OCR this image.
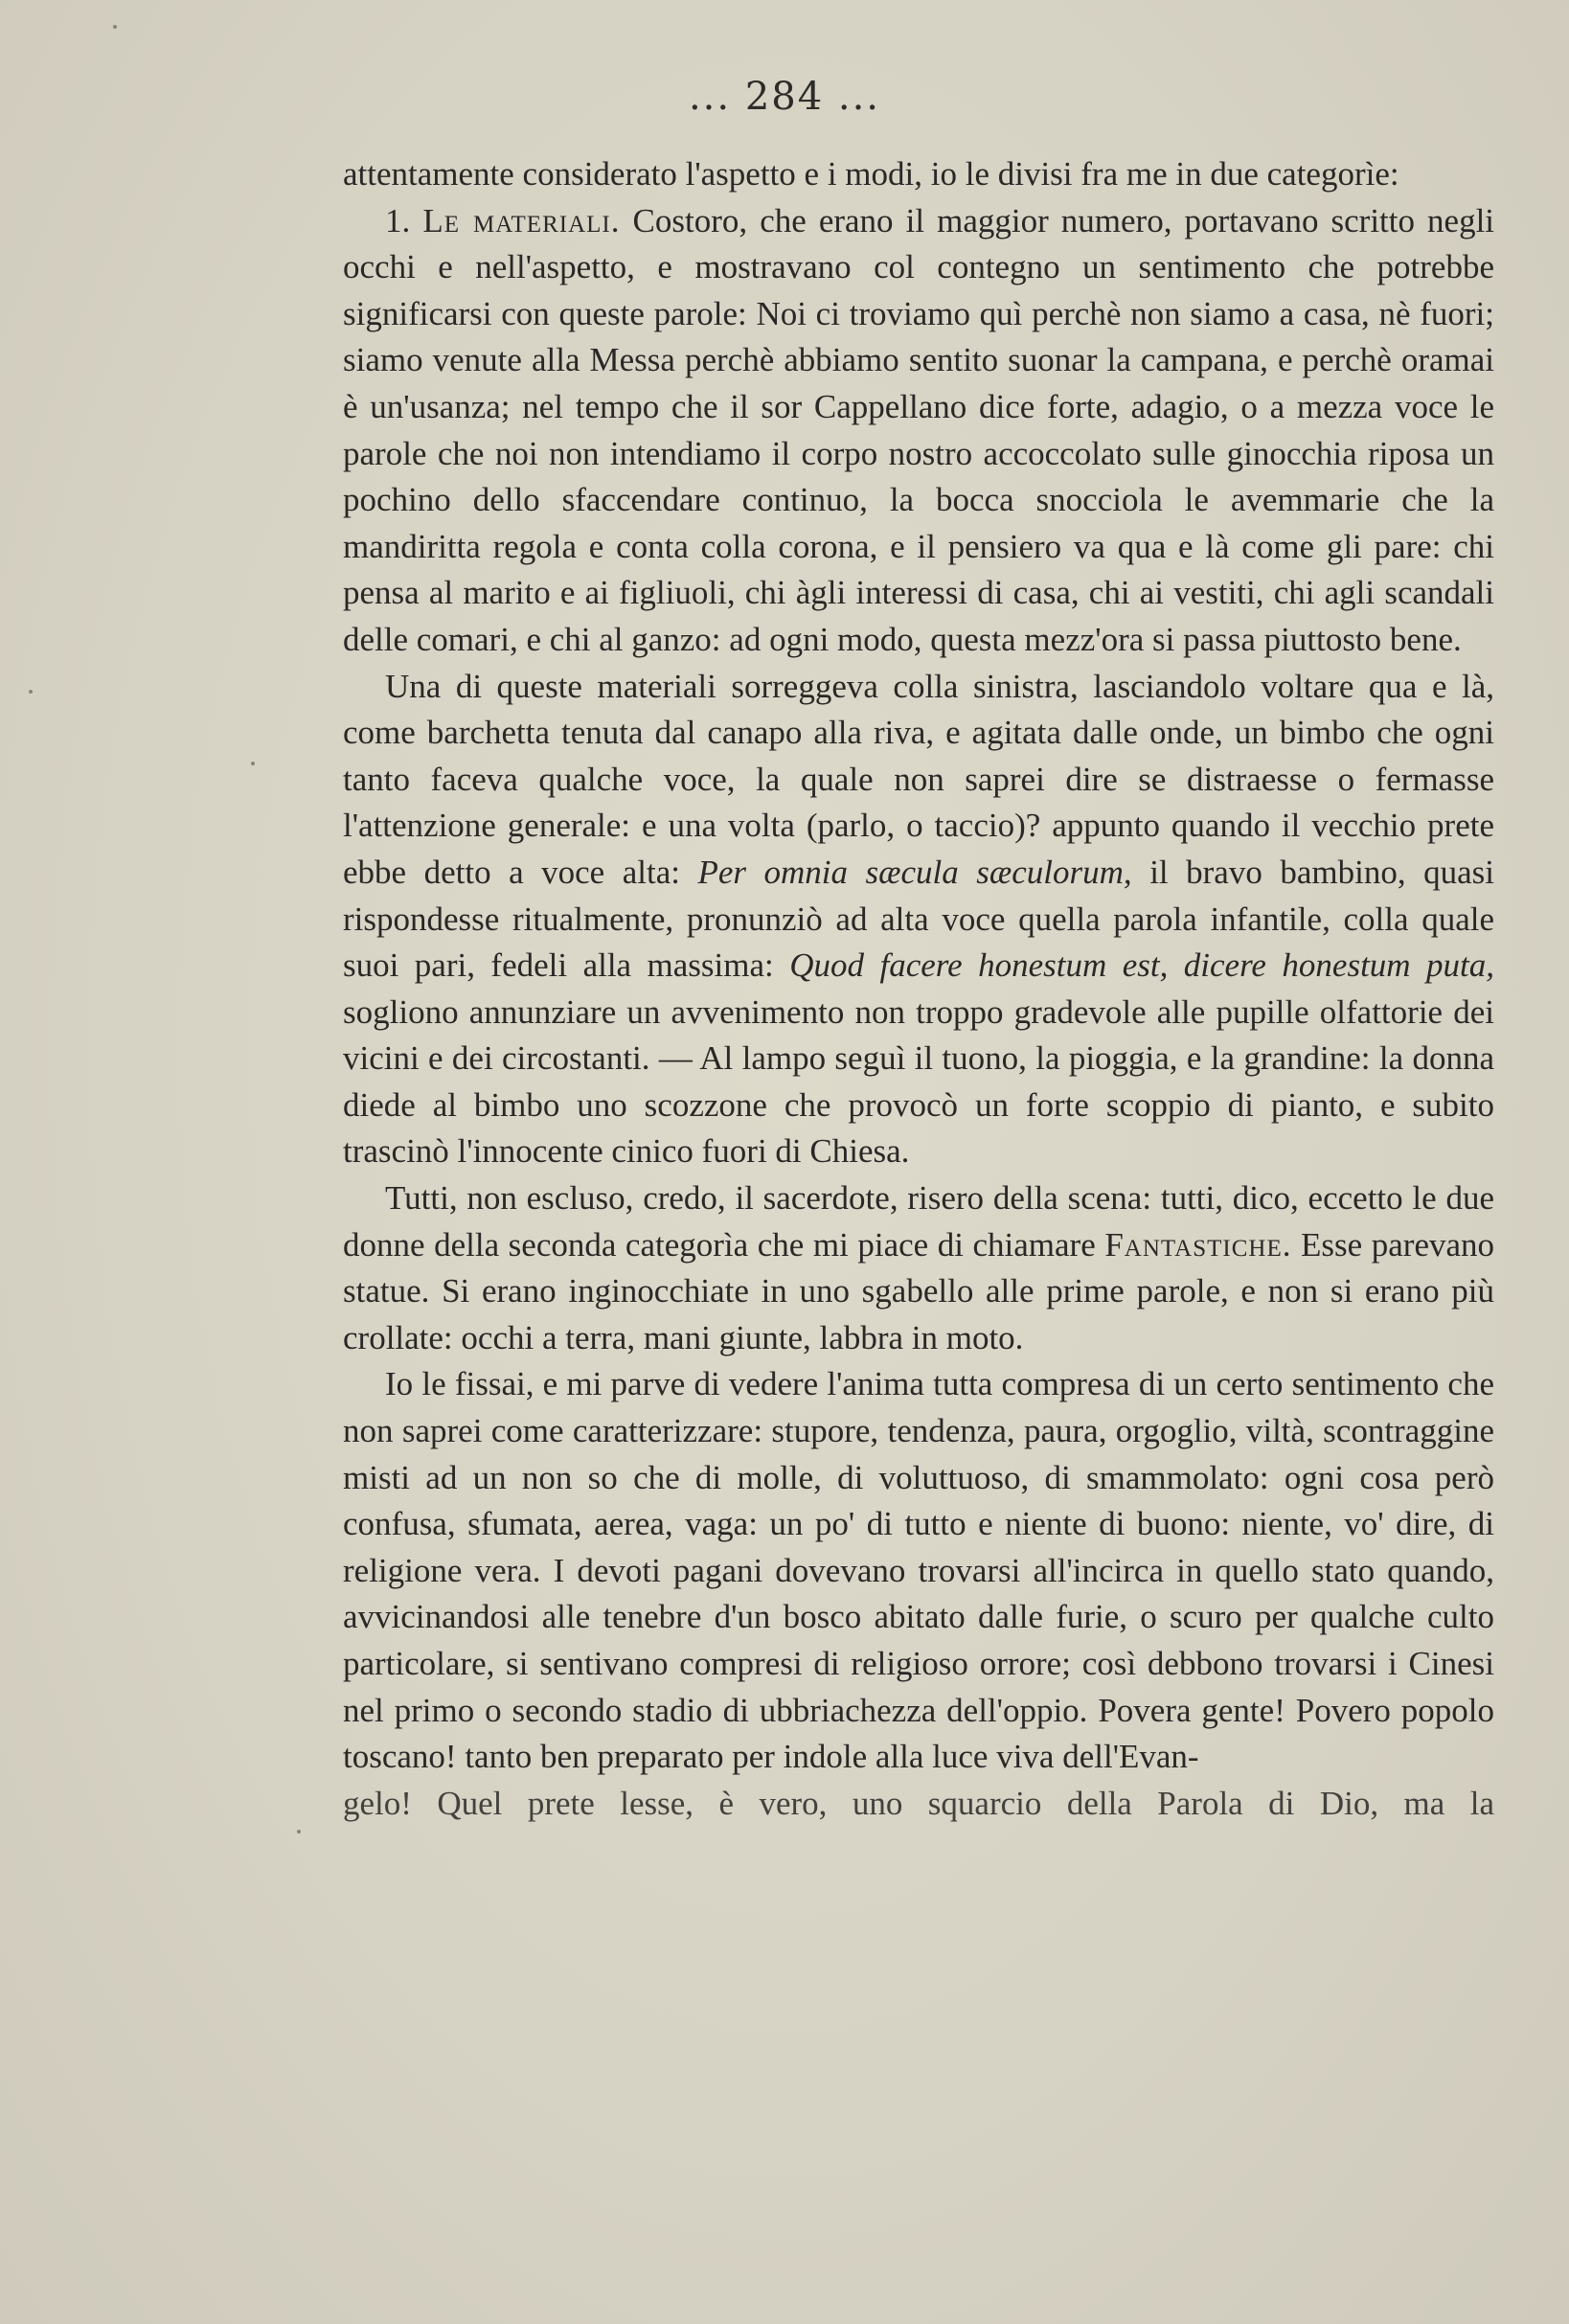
... 284 ...

attentamente considerato l'aspetto e i modi, io le divisi fra me in due categorìe:

1. Le materiali. Costoro, che erano il maggior numero, portavano scritto negli occhi e nell'aspetto, e mostravano col contegno un sentimento che potrebbe significarsi con queste parole: Noi ci troviamo quì perchè non siamo a casa, nè fuori; siamo venute alla Messa perchè abbiamo sentito suonar la campana, e perchè oramai è un'usanza; nel tempo che il sor Cappellano dice forte, adagio, o a mezza voce le parole che noi non intendiamo il corpo nostro accoccolato sulle ginocchia riposa un pochino dello sfaccendare continuo, la bocca snocciola le avemmarie che la mandiritta regola e conta colla corona, e il pensiero va qua e là come gli pare: chi pensa al marito e ai figliuoli, chi àgli interessi di casa, chi ai vestiti, chi agli scandali delle comari, e chi al ganzo: ad ogni modo, questa mezz'ora si passa piuttosto bene.

Una di queste materiali sorreggeva colla sinistra, lasciandolo voltare qua e là, come barchetta tenuta dal canapo alla riva, e agitata dalle onde, un bimbo che ogni tanto faceva qualche voce, la quale non saprei dire se distraesse o fermasse l'attenzione generale: e una volta (parlo, o taccio)? appunto quando il vecchio prete ebbe detto a voce alta: Per omnia sæcula sæculorum, il bravo bambino, quasi rispondesse ritualmente, pronunziò ad alta voce quella parola infantile, colla quale suoi pari, fedeli alla massima: Quod facere honestum est, dicere honestum puta, sogliono annunziare un avvenimento non troppo gradevole alle pupille olfattorie dei vicini e dei circostanti. — Al lampo seguì il tuono, la pioggia, e la grandine: la donna diede al bimbo uno scozzone che provocò un forte scoppio di pianto, e subito trascinò l'innocente cinico fuori di Chiesa.

Tutti, non escluso, credo, il sacerdote, risero della scena: tutti, dico, eccetto le due donne della seconda categorìa che mi piace di chiamare Fantastiche. Esse parevano statue. Si erano inginocchiate in uno sgabello alle prime parole, e non si erano più crollate: occhi a terra, mani giunte, labbra in moto.

Io le fissai, e mi parve di vedere l'anima tutta compresa di un certo sentimento che non saprei come caratterizzare: stupore, tendenza, paura, orgoglio, viltà, scontraggine misti ad un non so che di molle, di voluttuoso, di smammolato: ogni cosa però confusa, sfumata, aerea, vaga: un po' di tutto e niente di buono: niente, vo' dire, di religione vera. I devoti pagani dovevano trovarsi all'incirca in quello stato quando, avvicinandosi alle tenebre d'un bosco abitato dalle furie, o scuro per qualche culto particolare, si sentivano compresi di religioso orrore; così debbono trovarsi i Cinesi nel primo o secondo stadio di ubbriachezza dell'oppio. Povera gente! Povero popolo toscano! tanto ben preparato per indole alla luce viva dell'Evan-

gelo! Quel prete lesse, è vero, uno squarcio della Parola di Dio, ma la
